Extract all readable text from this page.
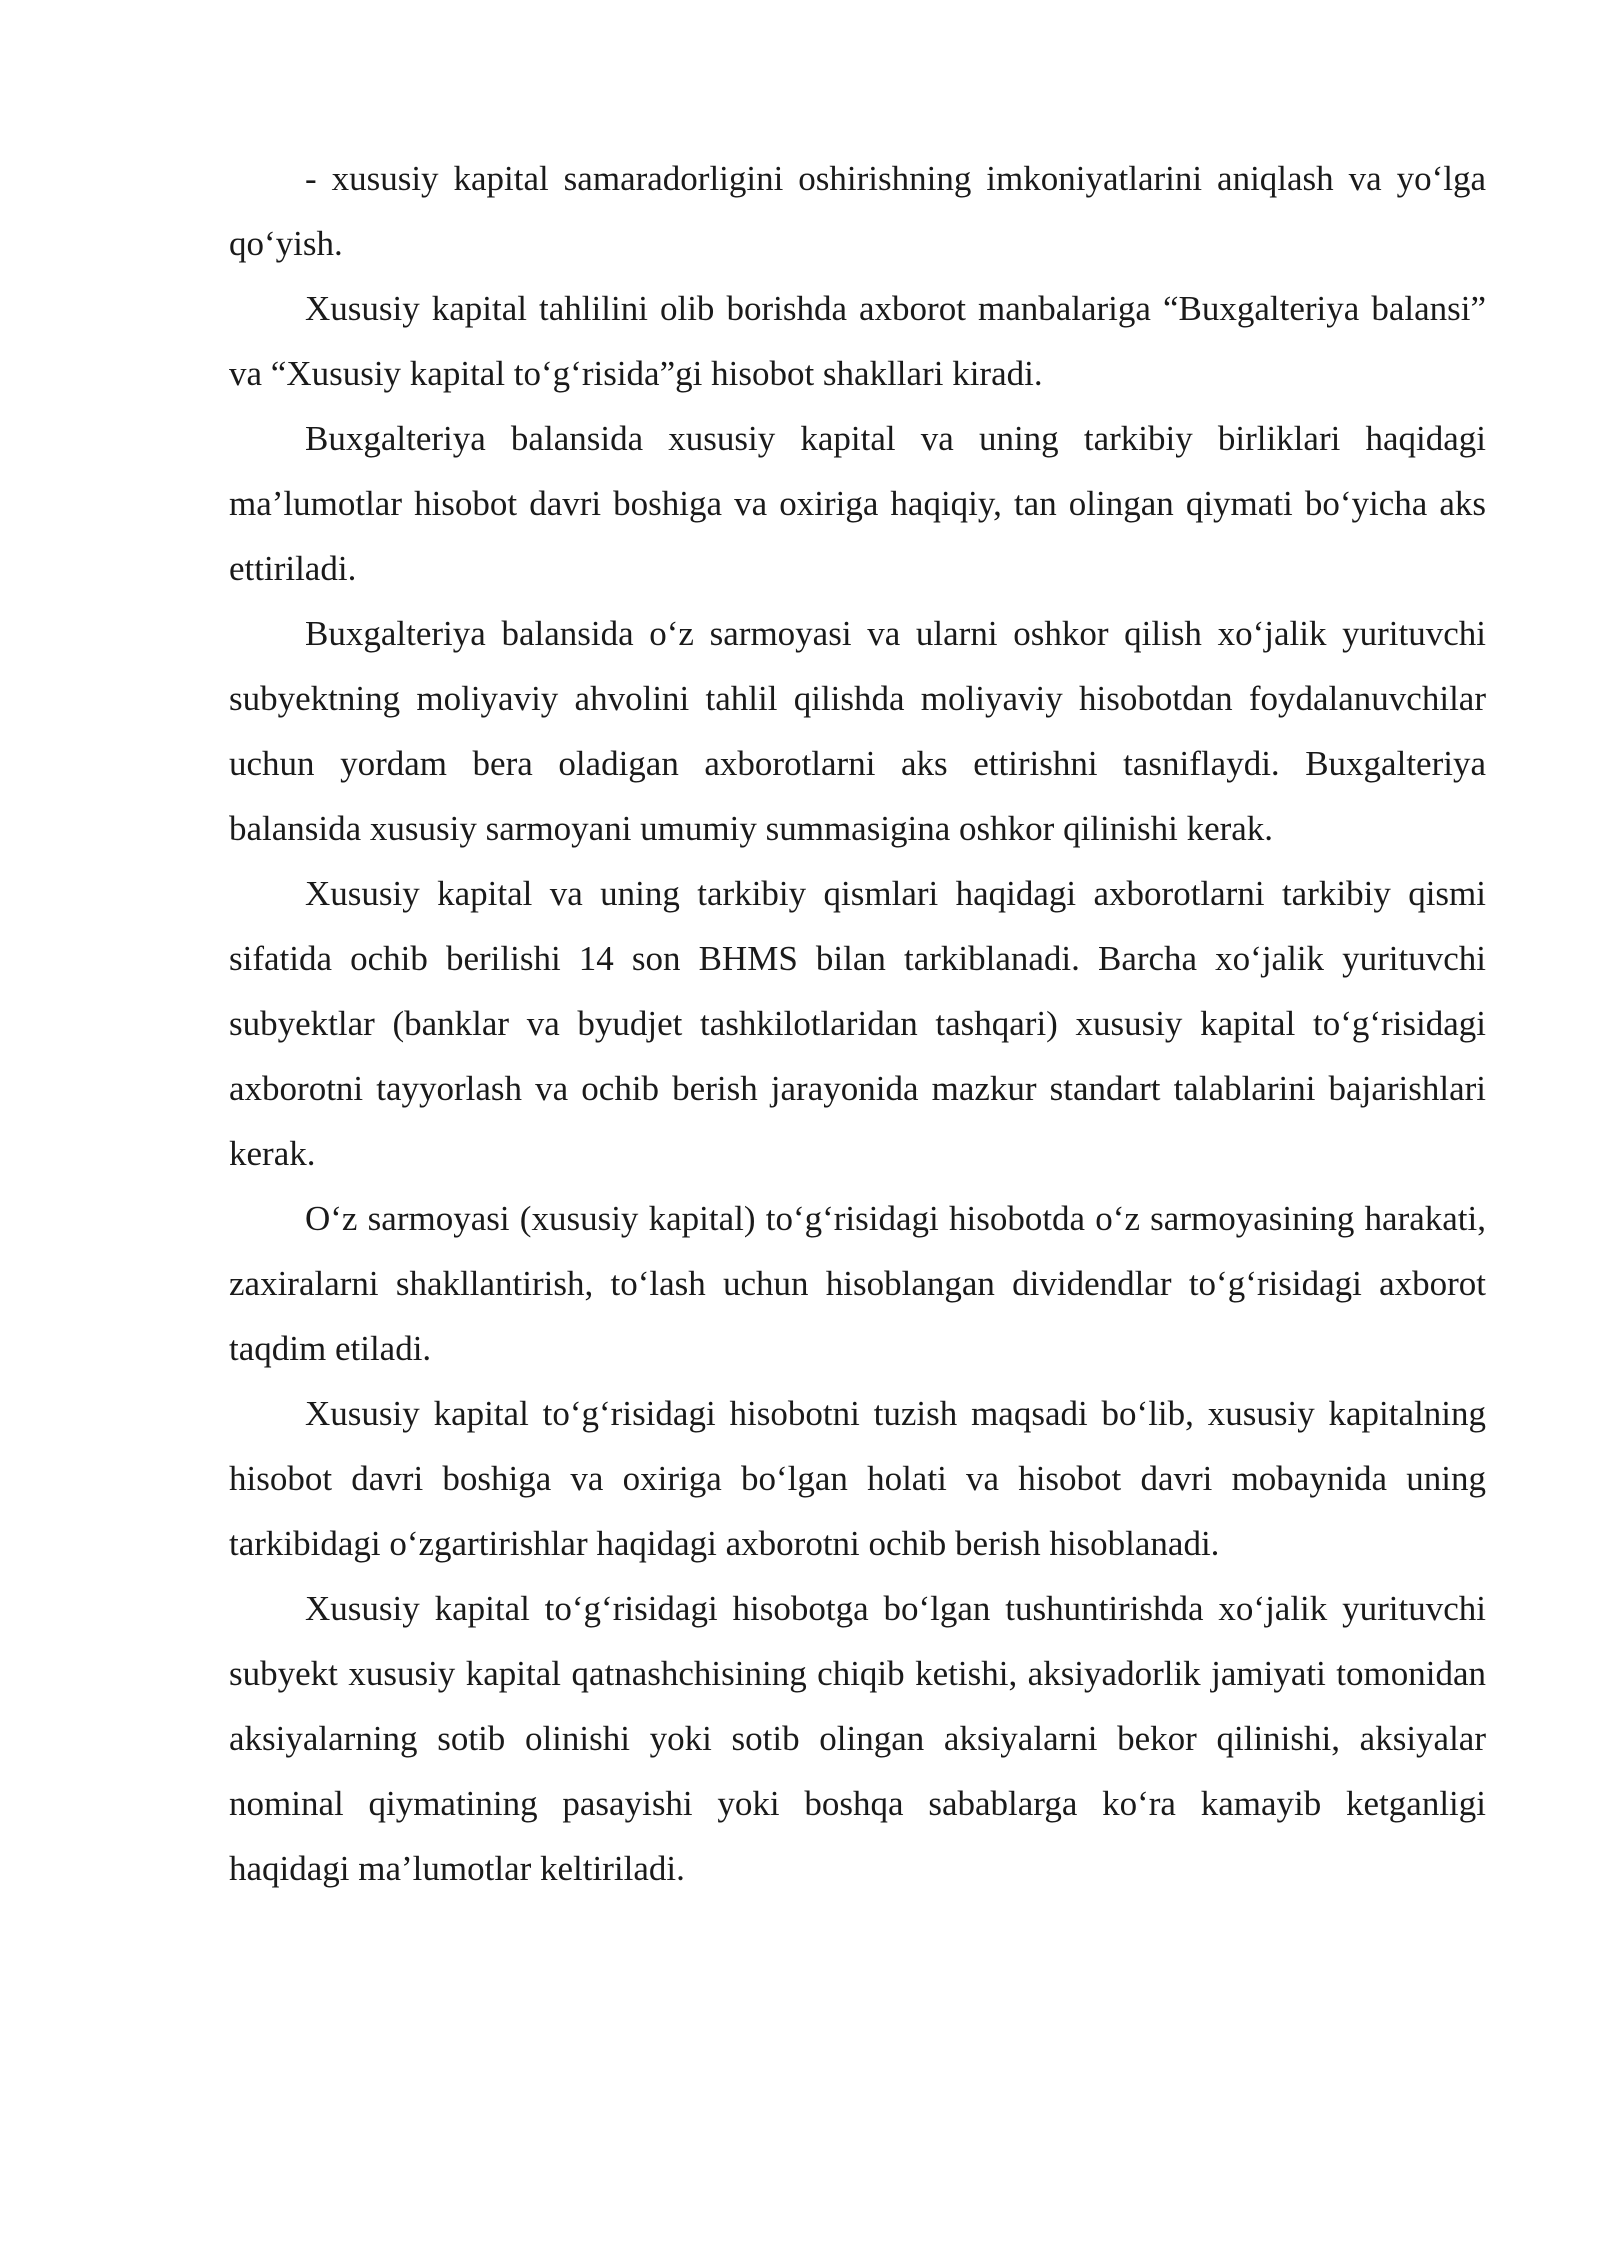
- xususiy kapital samaradorligini oshirishning imkoniyatlarini aniqlash va yo‘lga qo‘yish.

Xususiy kapital tahlilini olib borishda axborot manbalariga “Buxgalteriya balansi” va “Xususiy kapital to‘g‘risida”gi hisobot shakllari kiradi.

Buxgalteriya balansida xususiy kapital va uning tarkibiy birliklari haqidagi ma’lumotlar hisobot davri boshiga va oxiriga haqiqiy, tan olingan qiymati bo‘yicha aks ettiriladi.

Buxgalteriya balansida o‘z sarmoyasi va ularni oshkor qilish xo‘jalik yurituvchi subyektning moliyaviy ahvolini tahlil qilishda moliyaviy hisobotdan foydalanuvchilar uchun yordam bera oladigan axborotlarni aks ettirishni tasniflaydi. Buxgalteriya balansida xususiy sarmoyani umumiy summasigina oshkor qilinishi kerak.

Xususiy kapital va uning tarkibiy qismlari haqidagi axborotlarni tarkibiy qismi sifatida ochib berilishi 14 son BHMS bilan tarkiblanadi. Barcha xo‘jalik yurituvchi subyektlar (banklar va byudjet tashkilotlaridan tashqari) xususiy kapital to‘g‘risidagi axborotni tayyorlash va ochib berish jarayonida mazkur standart talablarini bajarishlari kerak.

O‘z sarmoyasi (xususiy kapital) to‘g‘risidagi hisobotda o‘z sarmoyasining harakati, zaxiralarni shakllantirish, to‘lash uchun hisoblangan dividendlar to‘g‘risidagi axborot taqdim etiladi.

Xususiy kapital to‘g‘risidagi hisobotni tuzish maqsadi bo‘lib, xususiy kapitalning hisobot davri boshiga va oxiriga bo‘lgan holati va hisobot davri mobaynida uning tarkibidagi o‘zgartirishlar haqidagi axborotni ochib berish hisoblanadi.

Xususiy kapital to‘g‘risidagi hisobotga bo‘lgan tushuntirishda xo‘jalik yurituvchi subyekt xususiy kapital qatnashchisining chiqib ketishi, aksiyadorlik jamiyati tomonidan aksiyalarning sotib olinishi yoki sotib olingan aksiyalarni bekor qilinishi, aksiyalar nominal qiymatining pasayishi yoki boshqa sabablarga ko‘ra kamayib ketganligi haqidagi ma’lumotlar keltiriladi.
